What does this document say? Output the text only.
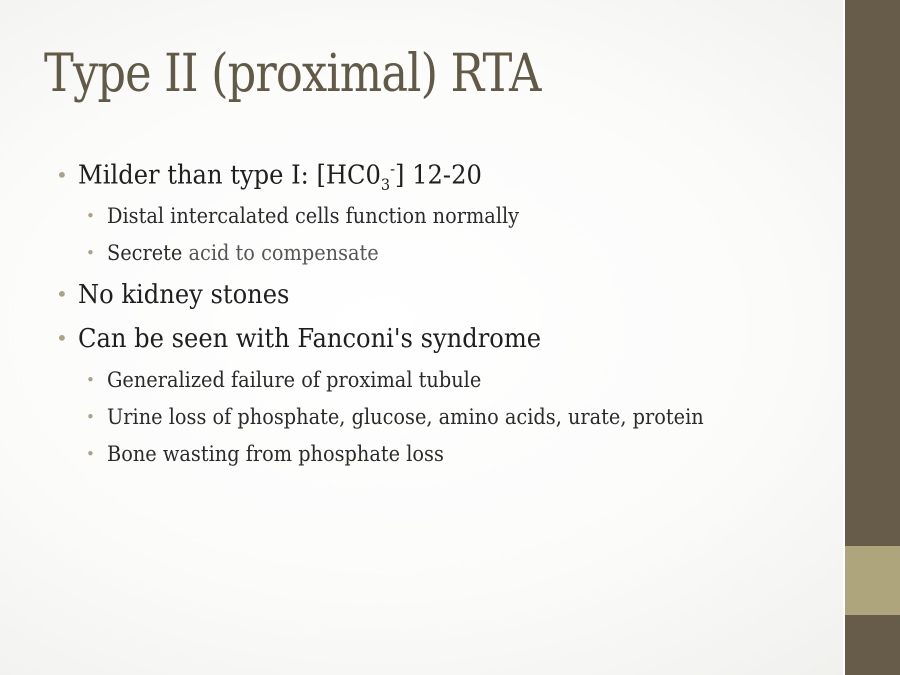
Type II (proximal) RTA

• Milder than type I: $[HC0_3^-]$ 12-20

• Distal intercalated cells function normally

• Secrete acid to compensate

• No kidney stones

• Can be seen with Fanconi's syndrome

• Generalized failure of proximal tubule

• Urine loss of phosphate, glucose, amino acids, urate, protein

• Bone wasting from phosphate loss
